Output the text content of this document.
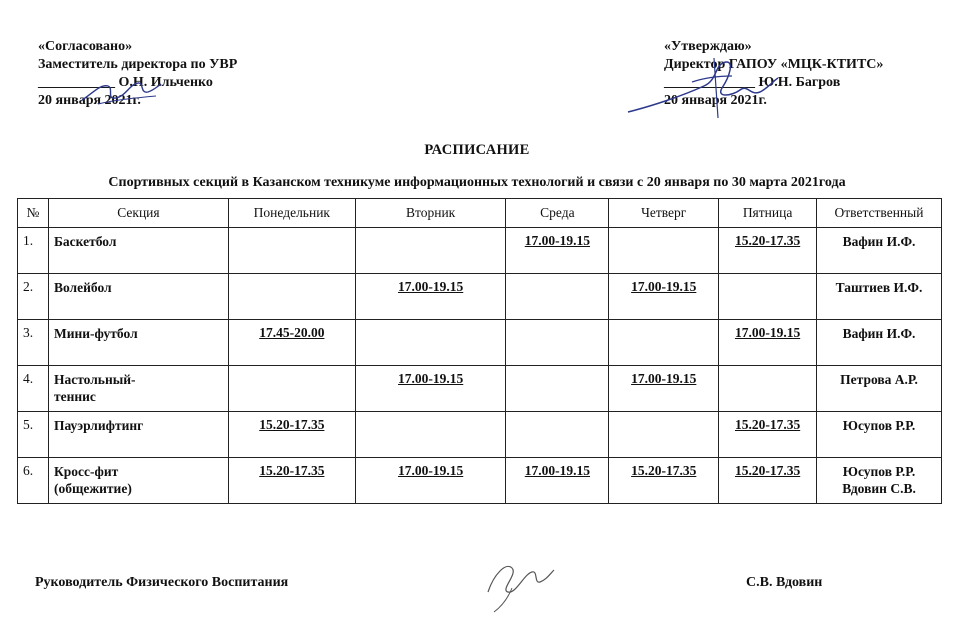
«Согласовано»
Заместитель директора по УВР
___________ О.Н. Ильченко
20 января 2021г.
«Утверждаю»
Директор ГАПОУ «МЦК-КТИТС»
_____________ Ю.Н. Багров
20 января 2021г.
РАСПИСАНИЕ
Спортивных секций в Казанском техникуме информационных технологий и связи с 20 января по 30 марта 2021года
№	Секция	Понедельник	Вторник	Среда	Четверг	Пятница	Ответственный
1.	Баскетбол			17.00-19.15		15.20-17.35	Вафин И.Ф.
2.	Волейбол		17.00-19.15		17.00-19.15		Таштиев И.Ф.
3.	Мини-футбол	17.45-20.00				17.00-19.15	Вафин И.Ф.
4.	Настольный-теннис		17.00-19.15		17.00-19.15		Петрова А.Р.
5.	Пауэрлифтинг	15.20-17.35				15.20-17.35	Юсупов Р.Р.
6.	Кросс-фит (общежитие)	15.20-17.35	17.00-19.15	17.00-19.15	15.20-17.35	15.20-17.35	Юсупов Р.Р. Вдовин С.В.
Руководитель Физического Воспитания	С.В. Вдовин
